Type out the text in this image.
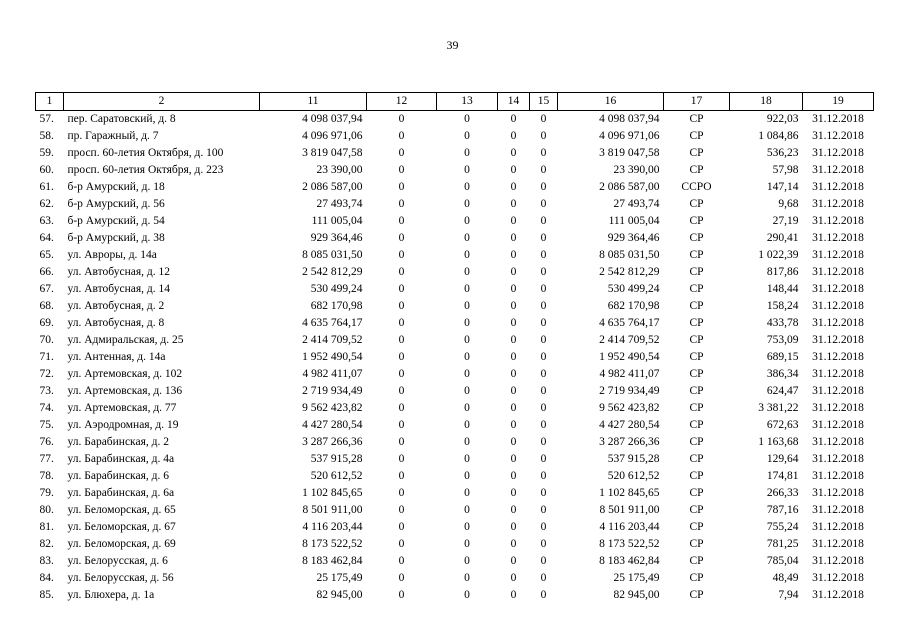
39
1	2	11	12	13	14	15	16	17	18	19
57.	пер. Саратовский, д. 8	4 098 037,94	0	0	0	0	4 098 037,94	СР	922,03	31.12.2018
58.	пр. Гаражный, д. 7	4 096 971,06	0	0	0	0	4 096 971,06	СР	1 084,86	31.12.2018
59.	просп. 60-летия Октября, д. 100	3 819 047,58	0	0	0	0	3 819 047,58	СР	536,23	31.12.2018
60.	просп. 60-летия Октября, д. 223	23 390,00	0	0	0	0	23 390,00	СР	57,98	31.12.2018
61.	б-р Амурский, д. 18	2 086 587,00	0	0	0	0	2 086 587,00	ССРО	147,14	31.12.2018
62.	б-р Амурский, д. 56	27 493,74	0	0	0	0	27 493,74	СР	9,68	31.12.2018
63.	б-р Амурский, д. 54	111 005,04	0	0	0	0	111 005,04	СР	27,19	31.12.2018
64.	б-р Амурский, д. 38	929 364,46	0	0	0	0	929 364,46	СР	290,41	31.12.2018
65.	ул. Авроры, д. 14а	8 085 031,50	0	0	0	0	8 085 031,50	СР	1 022,39	31.12.2018
66.	ул. Автобусная, д. 12	2 542 812,29	0	0	0	0	2 542 812,29	СР	817,86	31.12.2018
67.	ул. Автобусная, д. 14	530 499,24	0	0	0	0	530 499,24	СР	148,44	31.12.2018
68.	ул. Автобусная, д. 2	682 170,98	0	0	0	0	682 170,98	СР	158,24	31.12.2018
69.	ул. Автобусная, д. 8	4 635 764,17	0	0	0	0	4 635 764,17	СР	433,78	31.12.2018
70.	ул. Адмиральская, д. 25	2 414 709,52	0	0	0	0	2 414 709,52	СР	753,09	31.12.2018
71.	ул. Антенная, д. 14а	1 952 490,54	0	0	0	0	1 952 490,54	СР	689,15	31.12.2018
72.	ул. Артемовская, д. 102	4 982 411,07	0	0	0	0	4 982 411,07	СР	386,34	31.12.2018
73.	ул. Артемовская, д. 136	2 719 934,49	0	0	0	0	2 719 934,49	СР	624,47	31.12.2018
74.	ул. Артемовская, д. 77	9 562 423,82	0	0	0	0	9 562 423,82	СР	3 381,22	31.12.2018
75.	ул. Аэродромная, д. 19	4 427 280,54	0	0	0	0	4 427 280,54	СР	672,63	31.12.2018
76.	ул. Барабинская, д. 2	3 287 266,36	0	0	0	0	3 287 266,36	СР	1 163,68	31.12.2018
77.	ул. Барабинская, д. 4а	537 915,28	0	0	0	0	537 915,28	СР	129,64	31.12.2018
78.	ул. Барабинская, д. 6	520 612,52	0	0	0	0	520 612,52	СР	174,81	31.12.2018
79.	ул. Барабинская, д. 6а	1 102 845,65	0	0	0	0	1 102 845,65	СР	266,33	31.12.2018
80.	ул. Беломорская, д. 65	8 501 911,00	0	0	0	0	8 501 911,00	СР	787,16	31.12.2018
81.	ул. Беломорская, д. 67	4 116 203,44	0	0	0	0	4 116 203,44	СР	755,24	31.12.2018
82.	ул. Беломорская, д. 69	8 173 522,52	0	0	0	0	8 173 522,52	СР	781,25	31.12.2018
83.	ул. Белорусская, д. 6	8 183 462,84	0	0	0	0	8 183 462,84	СР	785,04	31.12.2018
84.	ул. Белорусская, д. 56	25 175,49	0	0	0	0	25 175,49	СР	48,49	31.12.2018
85.	ул. Блюхера, д. 1а	82 945,00	0	0	0	0	82 945,00	СР	7,94	31.12.2018
